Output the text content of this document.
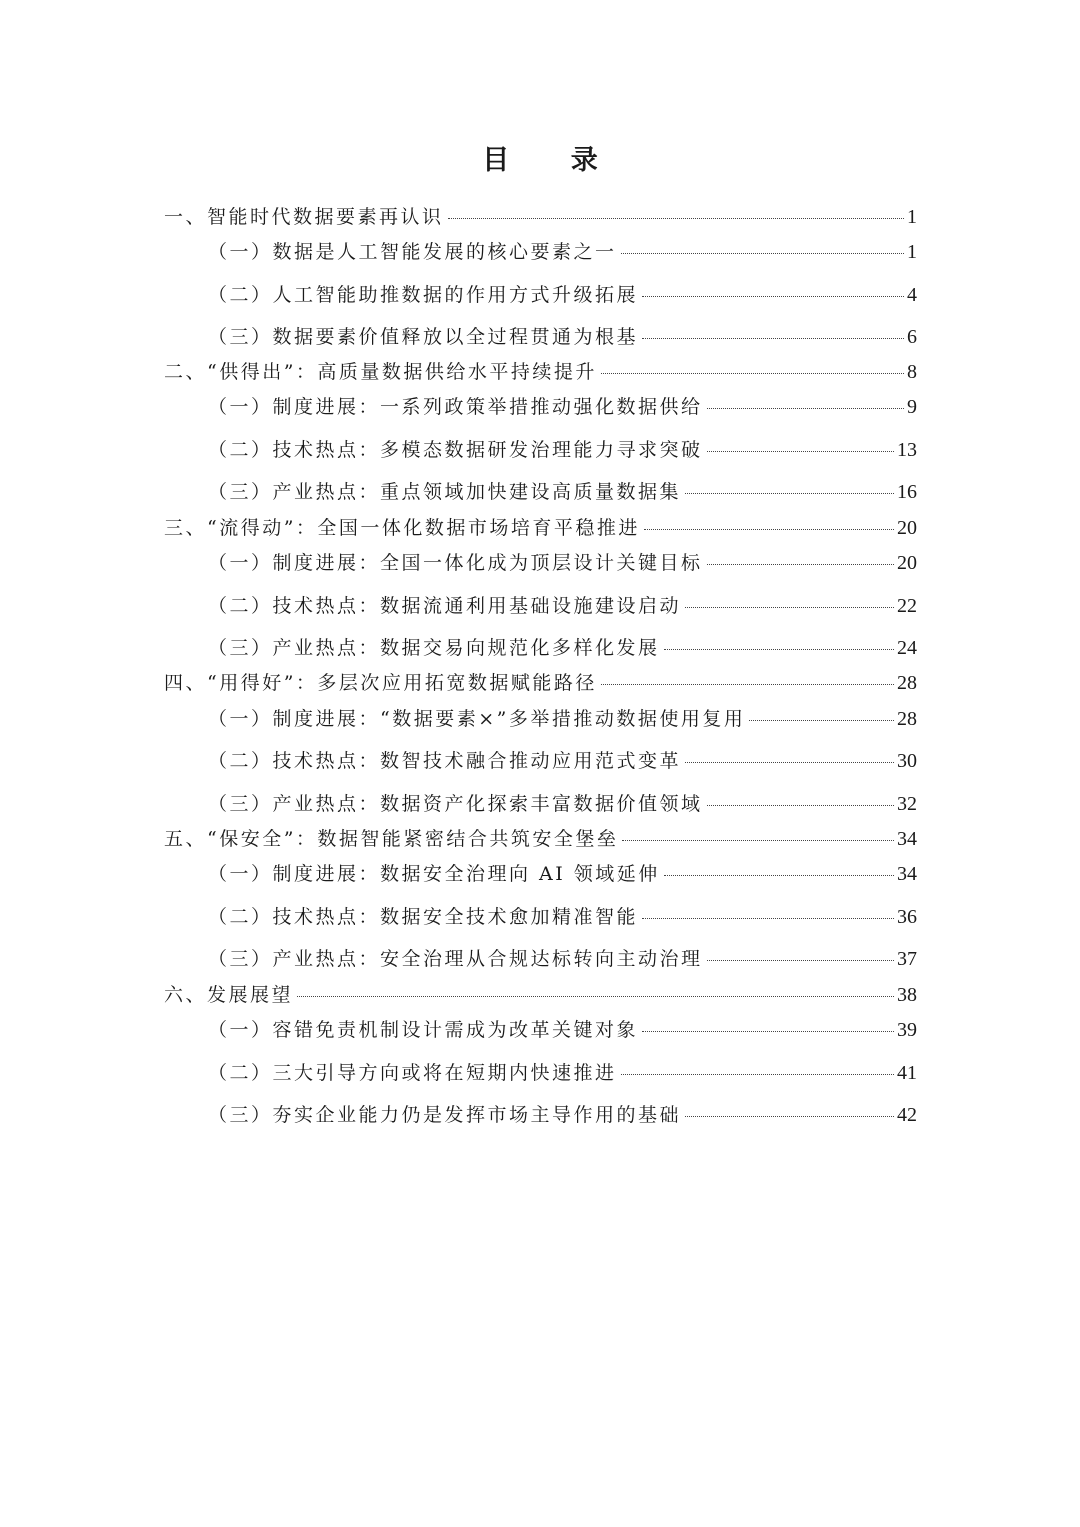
目 录
一、智能时代数据要素再认识	1
（一）数据是人工智能发展的核心要素之一	1
（二）人工智能助推数据的作用方式升级拓展	4
（三）数据要素价值释放以全过程贯通为根基	6
二、“供得出”：高质量数据供给水平持续提升	8
（一）制度进展：一系列政策举措推动强化数据供给	9
（二）技术热点：多模态数据研发治理能力寻求突破	13
（三）产业热点：重点领域加快建设高质量数据集	16
三、“流得动”：全国一体化数据市场培育平稳推进	20
（一）制度进展：全国一体化成为顶层设计关键目标	20
（二）技术热点：数据流通利用基础设施建设启动	22
（三）产业热点：数据交易向规范化多样化发展	24
四、“用得好”：多层次应用拓宽数据赋能路径	28
（一）制度进展：“数据要素×”多举措推动数据使用复用	28
（二）技术热点：数智技术融合推动应用范式变革	30
（三）产业热点：数据资产化探索丰富数据价值领域	32
五、“保安全”：数据智能紧密结合共筑安全堡垒	34
（一）制度进展：数据安全治理向 AI 领域延伸	34
（二）技术热点：数据安全技术愈加精准智能	36
（三）产业热点：安全治理从合规达标转向主动治理	37
六、发展展望	38
（一）容错免责机制设计需成为改革关键对象	39
（二）三大引导方向或将在短期内快速推进	41
（三）夯实企业能力仍是发挥市场主导作用的基础	42
